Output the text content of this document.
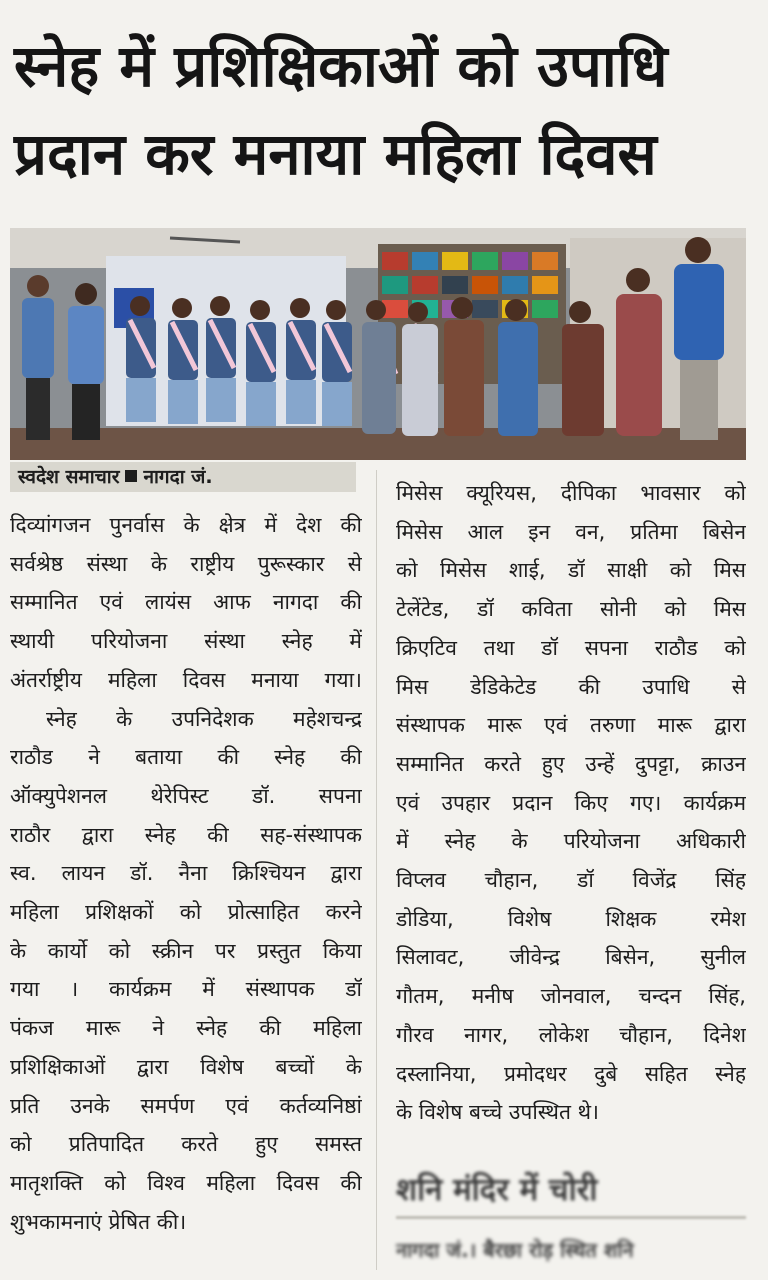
स्नेह में प्रशिक्षिकाओं को उपाधि
प्रदान कर मनाया महिला दिवस
स्वदेश समाचार नागदा जं.
दिव्यांगजन पुनर्वास के क्षेत्र में देश की
सर्वश्रेष्ठ संस्था के राष्ट्रीय पुरूस्कार से
सम्मानित एवं लायंस आफ नागदा की
स्थायी परियोजना संस्था स्नेह में
अंतर्राष्ट्रीय महिला दिवस मनाया गया।
स्नेह के उपनिदेशक महेशचन्द्र
राठौड ने बताया की स्नेह की
ऑक्युपेशनल थेरेपिस्ट डॉ. सपना
राठौर द्वारा स्नेह की सह-संस्थापक
स्व. लायन डॉ. नैना क्रिश्चियन द्वारा
महिला प्रशिक्षकों को प्रोत्साहित करने
के कार्यो को स्क्रीन पर प्रस्तुत किया
गया । कार्यक्रम में संस्थापक डॉ
पंकज मारू ने स्नेह की महिला
प्रशिक्षिकाओं द्वारा विशेष बच्चों के
प्रति उनके समर्पण एवं कर्तव्यनिष्ठां
को प्रतिपादित करते हुए समस्त
मातृशक्ति को विश्व महिला दिवस की
शुभकामनाएं प्रेषित की।
मिसेस क्यूरियस, दीपिका भावसार को
मिसेस आल इन वन, प्रतिमा बिसेन
को मिसेस शाई, डॉ साक्षी को मिस
टेलेंटेड, डॉ कविता सोनी को मिस
क्रिएटिव तथा डॉ सपना राठौड को
मिस डेडिकेटेड की उपाधि से
संस्थापक मारू एवं तरुणा मारू द्वारा
सम्मानित करते हुए उन्हें दुपट्टा, क्राउन
एवं उपहार प्रदान किए गए। कार्यक्रम
में स्नेह के परियोजना अधिकारी
विप्लव चौहान, डॉ विजेंद्र सिंह
डोडिया, विशेष शिक्षक रमेश
सिलावट, जीवेन्द्र बिसेन, सुनील
गौतम, मनीष जोनवाल, चन्दन सिंह,
गौरव नागर, लोकेश चौहान, दिनेश
दस्लानिया, प्रमोदधर दुबे सहित स्नेह
के विशेष बच्चे उपस्थित थे।
शनि मंदिर में चोरी
नागदा जं.। बैरछा रोड़ स्थित शनि
